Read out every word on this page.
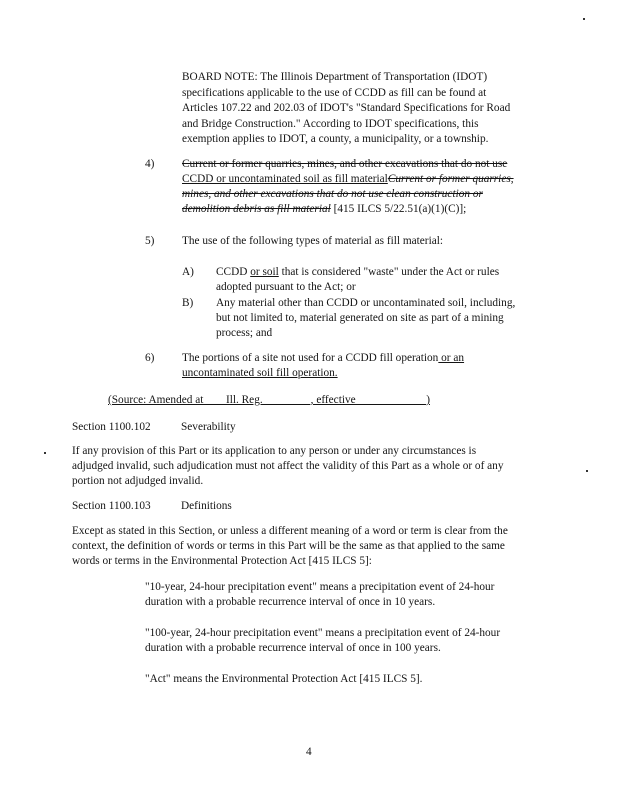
BOARD NOTE: The Illinois Department of Transportation (IDOT)
specifications applicable to the use of CCDD as fill can be found at
Articles 107.22 and 202.03 of IDOT's "Standard Specifications for Road
and Bridge Construction." According to IDOT specifications, this
exemption applies to IDOT, a county, a municipality, or a township.
4) Current or former quarries, mines, and other excavations that do not use
CCDD or uncontaminated soil as fill materialCurrent or former quarries,
mines, and other excavations that do not use clean construction or
demolition debris as fill material [415 ILCS 5/22.51(a)(1)(C)];
5) The use of the following types of material as fill material:
A) CCDD or soil that is considered "waste" under the Act or rules
adopted pursuant to the Act; or
B) Any material other than CCDD or uncontaminated soil, including,
but not limited to, material generated on site as part of a mining
process; and
6) The portions of a site not used for a CCDD fill operation or an
uncontaminated soil fill operation.
(Source: Amended at ___ Ill. Reg. ________, effective ____________)
Section 1100.102	Severability
If any provision of this Part or its application to any person or under any circumstances is
adjudged invalid, such adjudication must not affect the validity of this Part as a whole or of any
portion not adjudged invalid.
Section 1100.103	Definitions
Except as stated in this Section, or unless a different meaning of a word or term is clear from the
context, the definition of words or terms in this Part will be the same as that applied to the same
words or terms in the Environmental Protection Act [415 ILCS 5]:
"10-year, 24-hour precipitation event" means a precipitation event of 24-hour
duration with a probable recurrence interval of once in 10 years.
"100-year, 24-hour precipitation event" means a precipitation event of 24-hour
duration with a probable recurrence interval of once in 100 years.
"Act" means the Environmental Protection Act [415 ILCS 5].
4
